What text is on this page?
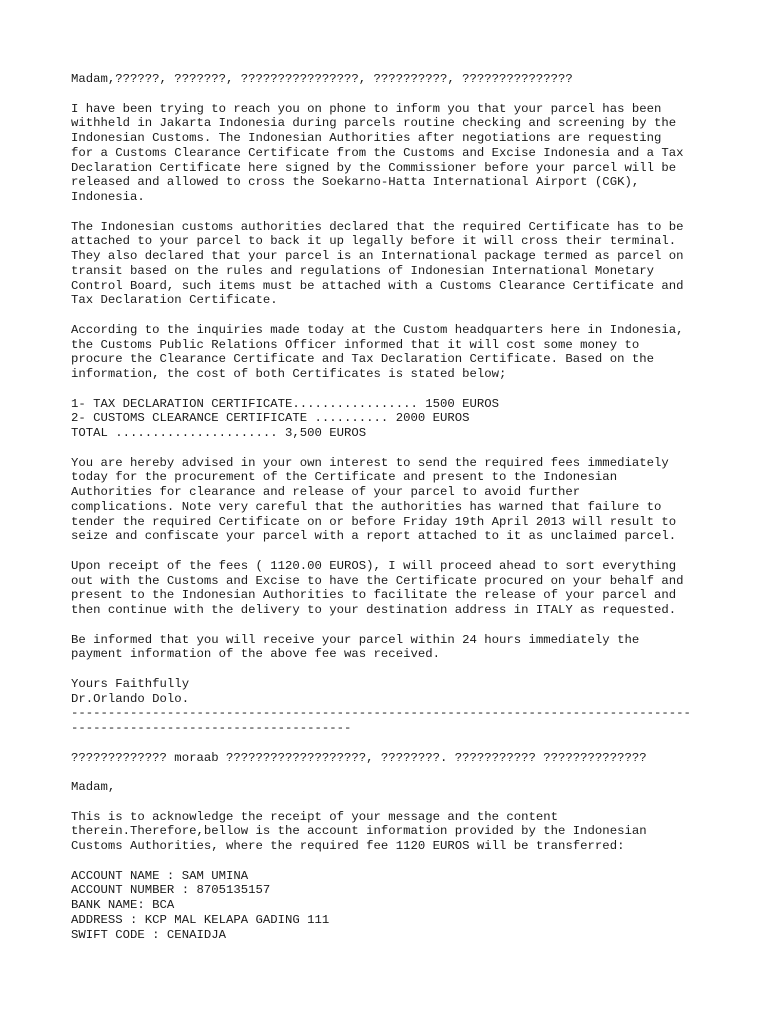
Madam,??????, ???????, ????????????????, ??????????, ???????????????
I have been trying to reach you on phone to inform you that your parcel has been
withheld in Jakarta Indonesia during parcels routine checking and screening by the
Indonesian Customs. The Indonesian Authorities after negotiations are requesting
for a Customs Clearance Certificate from the Customs and Excise Indonesia and a Tax
Declaration Certificate here signed by the Commissioner before your parcel will be
released and allowed to cross the Soekarno-Hatta International Airport (CGK),
Indonesia.
The Indonesian customs authorities declared that the required Certificate has to be
attached to your parcel to back it up legally before it will cross their terminal.
They also declared that your parcel is an International package termed as parcel on
transit based on the rules and regulations of Indonesian International Monetary
Control Board, such items must be attached with a Customs Clearance Certificate and
Tax Declaration Certificate.
According to the inquiries made today at the Custom headquarters here in Indonesia,
the Customs Public Relations Officer informed that it will cost some money to
procure the Clearance Certificate and Tax Declaration Certificate. Based on the
information, the cost of both Certificates is stated below;
1- TAX DECLARATION CERTIFICATE................. 1500 EUROS
2- CUSTOMS CLEARANCE CERTIFICATE .......... 2000 EUROS
TOTAL ...................... 3,500 EUROS
You are hereby advised in your own interest to send the required fees immediately
today for the procurement of the Certificate and present to the Indonesian
Authorities for clearance and release of your parcel to avoid further
complications. Note very careful that the authorities has warned that failure to
tender the required Certificate on or before Friday 19th April 2013 will result to
seize and confiscate your parcel with a report attached to it as unclaimed parcel.
Upon receipt of the fees ( 1120.00 EUROS), I will proceed ahead to sort everything
out with the Customs and Excise to have the Certificate procured on your behalf and
present to the Indonesian Authorities to facilitate the release of your parcel and
then continue with the delivery to your destination address in ITALY as requested.
Be informed that you will receive your parcel within 24 hours immediately the
payment information of the above fee was received.
Yours Faithfully
Dr.Orlando Dolo.
------------------------------------------------------------------------------------
--------------------------------------
????????????? moraab ???????????????????, ????????. ??????????? ??????????????
Madam,
This is to acknowledge the receipt of your message and the content
therein.Therefore,bellow is the account information provided by the Indonesian
Customs Authorities, where the required fee 1120 EUROS will be transferred:
ACCOUNT NAME : SAM UMINA
ACCOUNT NUMBER : 8705135157
BANK NAME: BCA
ADDRESS : KCP MAL KELAPA GADING 111
SWIFT CODE : CENAIDJA
